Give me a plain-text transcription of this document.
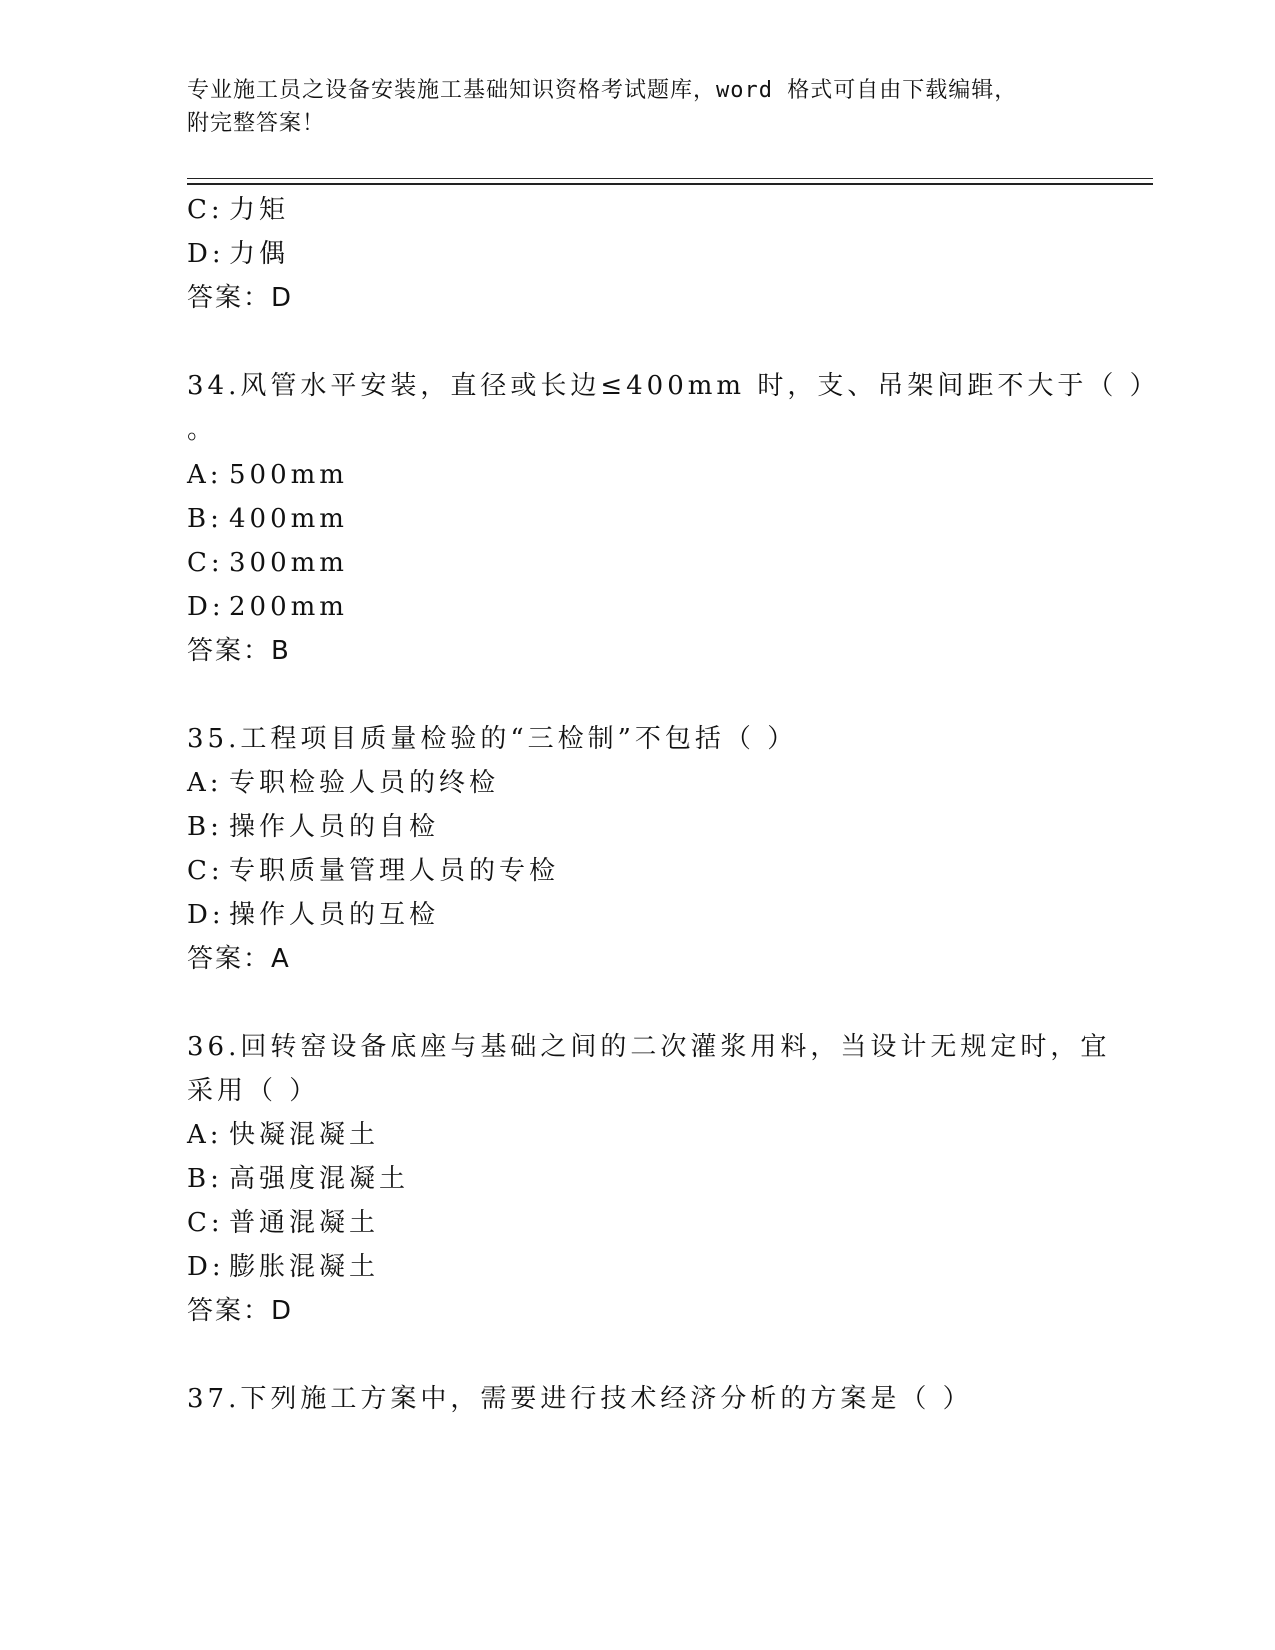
专业施工员之设备安装施工基础知识资格考试题库，word 格式可自由下载编辑，
附完整答案！
C: 力矩
D: 力偶
答案：D
34.风管水平安装，直径或长边≤400mm 时，支、吊架间距不大于（ ）
。
A: 500mm
B: 400mm
C: 300mm
D: 200mm
答案：B
35.工程项目质量检验的“三检制”不包括（ ）
A: 专职检验人员的终检
B: 操作人员的自检
C: 专职质量管理人员的专检
D: 操作人员的互检
答案：A
36.回转窑设备底座与基础之间的二次灌浆用料，当设计无规定时，宜
采用（ ）
A: 快凝混凝土
B: 高强度混凝土
C: 普通混凝土
D: 膨胀混凝土
答案：D
37.下列施工方案中，需要进行技术经济分析的方案是（ ）
